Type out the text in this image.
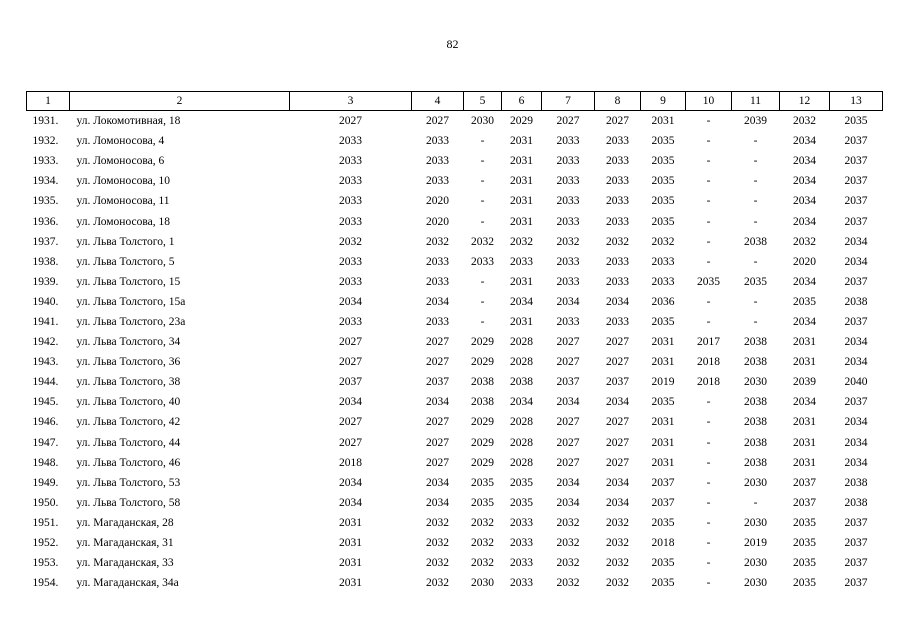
82
1	2	3	4	5	6	7	8	9	10	11	12	13
1931.	ул. Локомотивная, 18	2027	2027	2030	2029	2027	2027	2031	-	2039	2032	2035
1932.	ул. Ломоносова, 4	2033	2033	-	2031	2033	2033	2035	-	-	2034	2037
1933.	ул. Ломоносова, 6	2033	2033	-	2031	2033	2033	2035	-	-	2034	2037
1934.	ул. Ломоносова, 10	2033	2033	-	2031	2033	2033	2035	-	-	2034	2037
1935.	ул. Ломоносова, 11	2033	2020	-	2031	2033	2033	2035	-	-	2034	2037
1936.	ул. Ломоносова, 18	2033	2020	-	2031	2033	2033	2035	-	-	2034	2037
1937.	ул. Льва Толстого, 1	2032	2032	2032	2032	2032	2032	2032	-	2038	2032	2034
1938.	ул. Льва Толстого, 5	2033	2033	2033	2033	2033	2033	2033	-	-	2020	2034
1939.	ул. Льва Толстого, 15	2033	2033	-	2031	2033	2033	2033	2035	2035	2034	2037
1940.	ул. Льва Толстого, 15а	2034	2034	-	2034	2034	2034	2036	-	-	2035	2038
1941.	ул. Льва Толстого, 23а	2033	2033	-	2031	2033	2033	2035	-	-	2034	2037
1942.	ул. Льва Толстого, 34	2027	2027	2029	2028	2027	2027	2031	2017	2038	2031	2034
1943.	ул. Льва Толстого, 36	2027	2027	2029	2028	2027	2027	2031	2018	2038	2031	2034
1944.	ул. Льва Толстого, 38	2037	2037	2038	2038	2037	2037	2019	2018	2030	2039	2040
1945.	ул. Льва Толстого, 40	2034	2034	2038	2034	2034	2034	2035	-	2038	2034	2037
1946.	ул. Льва Толстого, 42	2027	2027	2029	2028	2027	2027	2031	-	2038	2031	2034
1947.	ул. Льва Толстого, 44	2027	2027	2029	2028	2027	2027	2031	-	2038	2031	2034
1948.	ул. Льва Толстого, 46	2018	2027	2029	2028	2027	2027	2031	-	2038	2031	2034
1949.	ул. Льва Толстого, 53	2034	2034	2035	2035	2034	2034	2037	-	2030	2037	2038
1950.	ул. Льва Толстого, 58	2034	2034	2035	2035	2034	2034	2037	-	-	2037	2038
1951.	ул. Магаданская, 28	2031	2032	2032	2033	2032	2032	2035	-	2030	2035	2037
1952.	ул. Магаданская, 31	2031	2032	2032	2033	2032	2032	2018	-	2019	2035	2037
1953.	ул. Магаданская, 33	2031	2032	2032	2033	2032	2032	2035	-	2030	2035	2037
1954.	ул. Магаданская, 34а	2031	2032	2030	2033	2032	2032	2035	-	2030	2035	2037
